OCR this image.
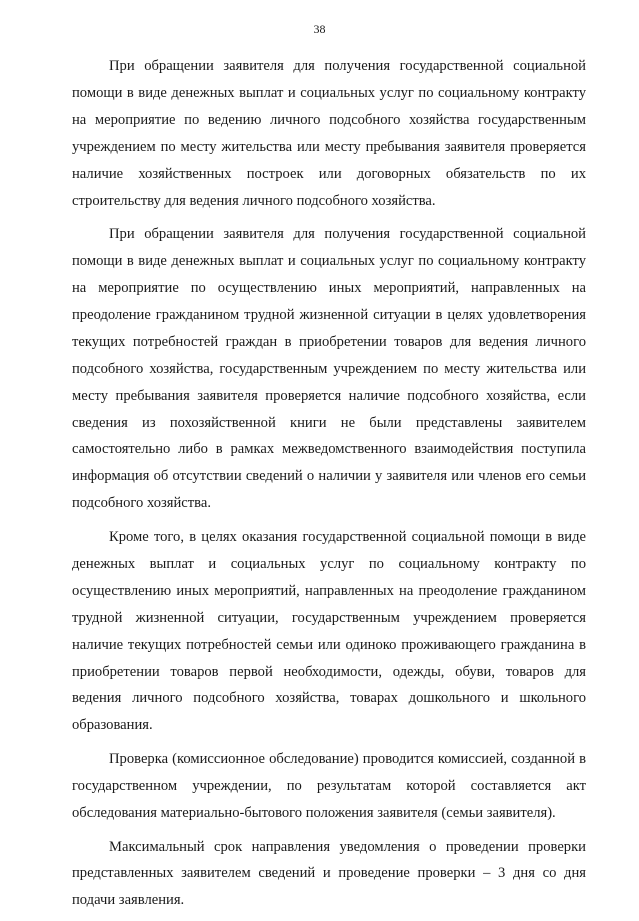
38

При обращении заявителя для получения государственной социальной помощи в виде денежных выплат и социальных услуг по социальному контракту на мероприятие по ведению личного подсобного хозяйства государственным учреждением по месту жительства или месту пребывания заявителя проверяется наличие хозяйственных построек или договорных обязательств по их строительству для ведения личного подсобного хозяйства.

При обращении заявителя для получения государственной социальной помощи в виде денежных выплат и социальных услуг по социальному контракту на мероприятие по осуществлению иных мероприятий, направленных на преодоление гражданином трудной жизненной ситуации в целях удовлетворения текущих потребностей граждан в приобретении товаров для ведения личного подсобного хозяйства, государственным учреждением по месту жительства или месту пребывания заявителя проверяется наличие подсобного хозяйства, если сведения из похозяйственной книги не были представлены заявителем самостоятельно либо в рамках межведомственного взаимодействия поступила информация об отсутствии сведений о наличии у заявителя или членов его семьи подсобного хозяйства.

Кроме того, в целях оказания государственной социальной помощи в виде денежных выплат и социальных услуг по социальному контракту по осуществлению иных мероприятий, направленных на преодоление гражданином трудной жизненной ситуации, государственным учреждением проверяется наличие текущих потребностей семьи или одиноко проживающего гражданина в приобретении товаров первой необходимости, одежды, обуви, товаров для ведения личного подсобного хозяйства, товарах дошкольного и школьного образования.

Проверка (комиссионное обследование) проводится комиссией, созданной в государственном учреждении, по результатам которой составляется акт обследования материально-бытового положения заявителя (семьи заявителя).

Максимальный срок направления уведомления о проведении проверки представленных заявителем сведений и проведение проверки – 3 дня со дня подачи заявления.
